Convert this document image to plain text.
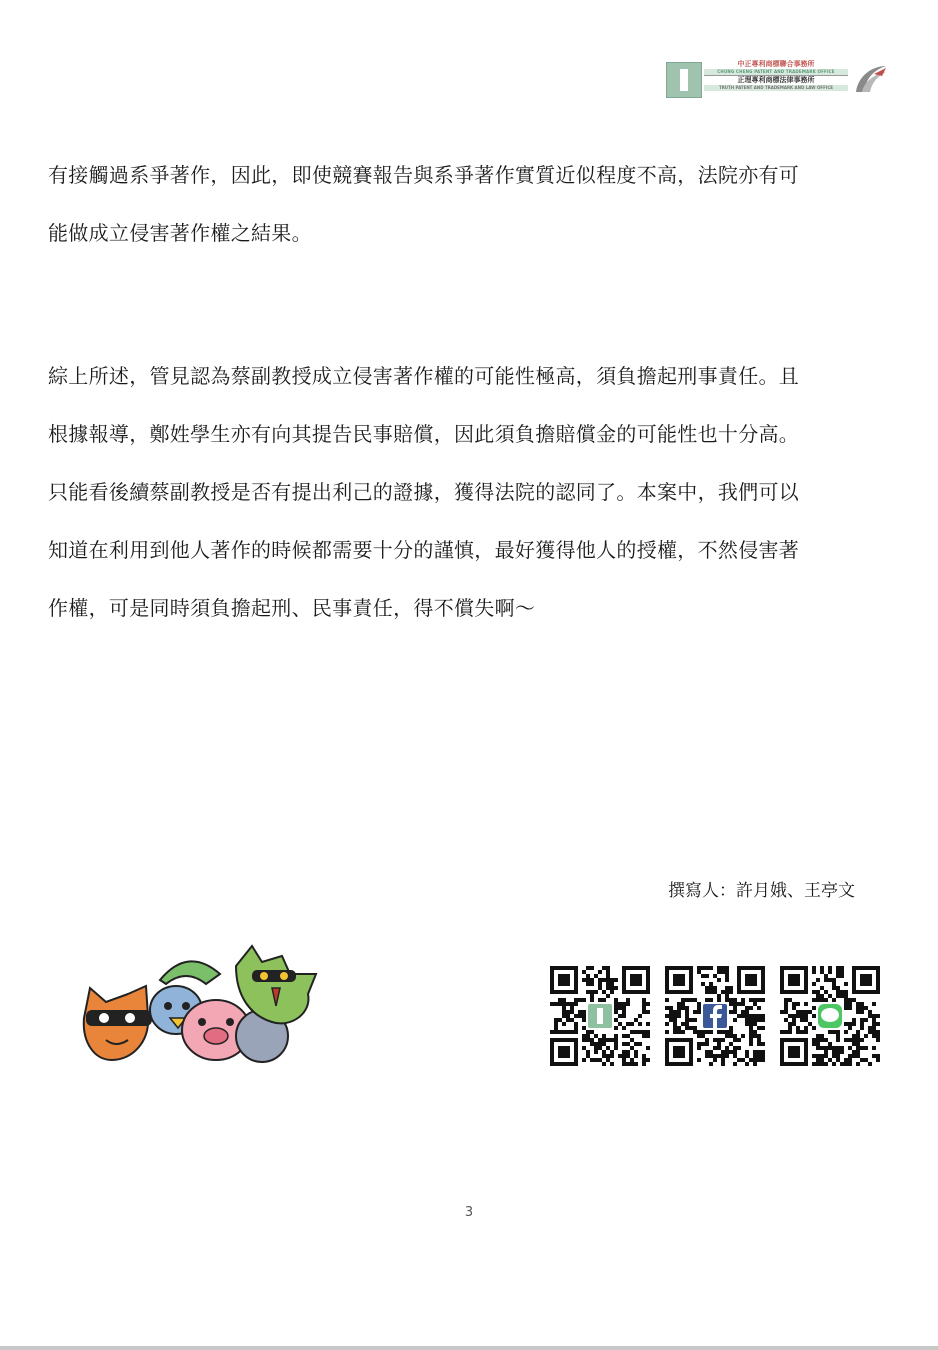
中正專利商標聯合事務所
CHUNG CHENG PATENT AND TRADEMARK OFFICE
正理專利商標法律事務所
TRUTH PATENT AND TRADEMARK AND LAW OFFICE

有接觸過系爭著作，因此，即使競賽報告與系爭著作實質近似程度不高，法院亦有可

能做成立侵害著作權之結果。

綜上所述，管見認為蔡副教授成立侵害著作權的可能性極高，須負擔起刑事責任。且

根據報導，鄭姓學生亦有向其提告民事賠償，因此須負擔賠償金的可能性也十分高。

只能看後續蔡副教授是否有提出利己的證據，獲得法院的認同了。本案中，我們可以

知道在利用到他人著作的時候都需要十分的謹慎，最好獲得他人的授權，不然侵害著

作權，可是同時須負擔起刑、民事責任，得不償失啊～

撰寫人：許月娥、王亭文
3
